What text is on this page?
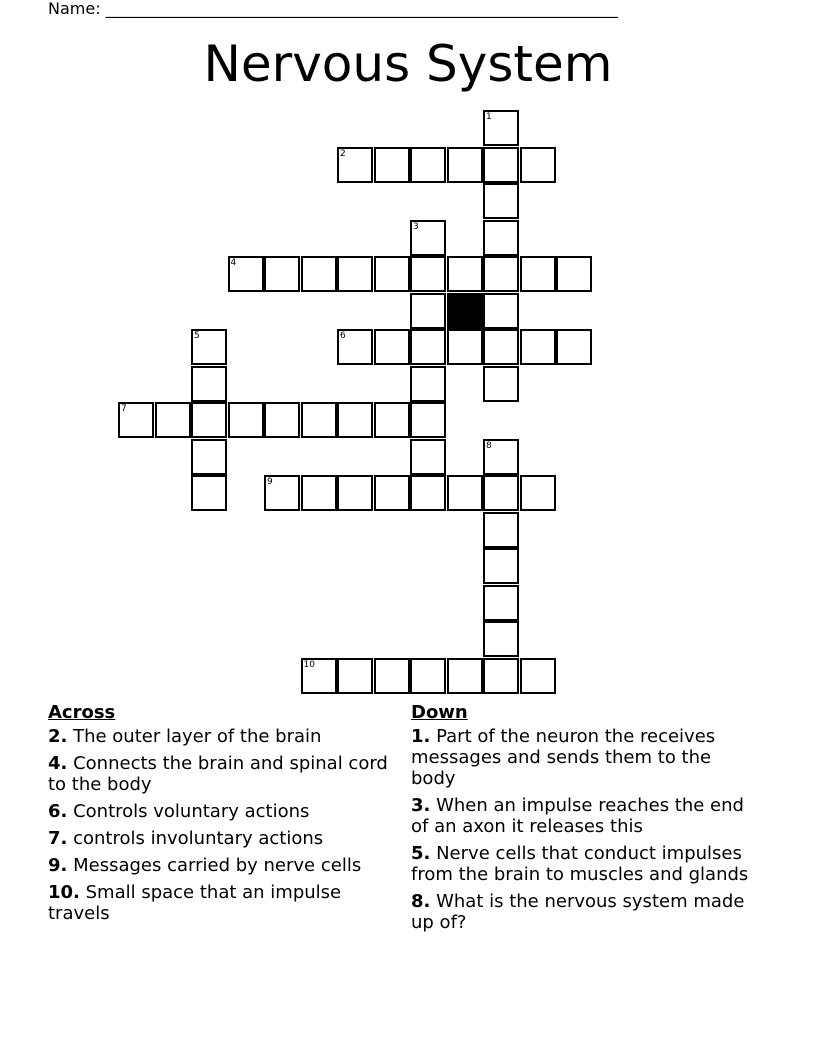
Name: ________________________________________________________________
Nervous System
1
2
3
4
5	6
7
8
9
10
Across
2. The outer layer of the brain
4. Connects the brain and spinal cord to the body
6. Controls voluntary actions
7. controls involuntary actions
9. Messages carried by nerve cells
10. Small space that an impulse travels
Down
1. Part of the neuron the receives messages and sends them to the body
3. When an impulse reaches the end of an axon it releases this
5. Nerve cells that conduct impulses from the brain to muscles and glands
8. What is the nervous system made up of?
